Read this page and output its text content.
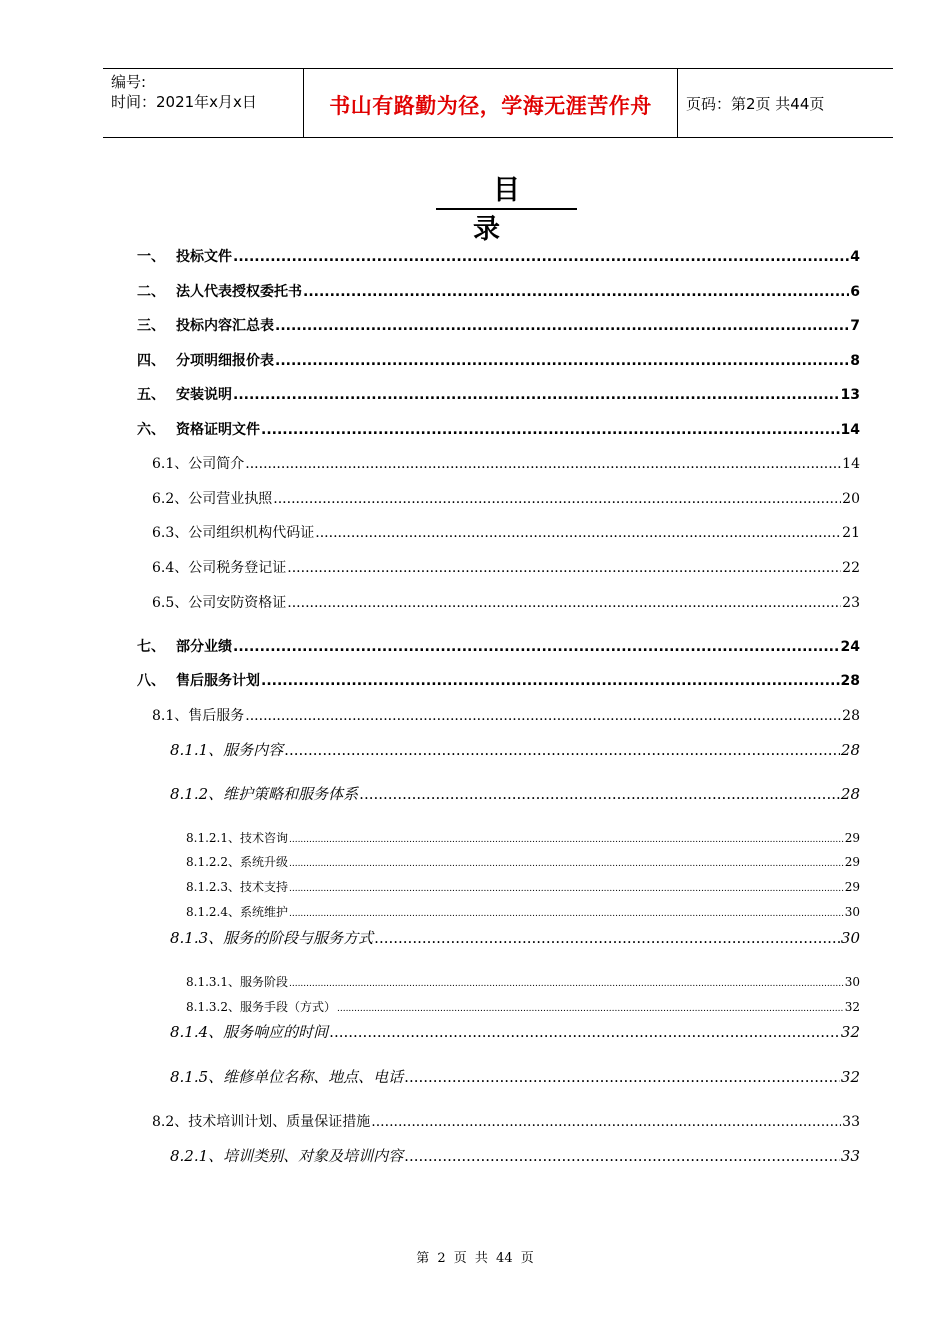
编号:
时间：2021年x月x日	书山有路勤为径，学海无涯苦作舟	页码：第2页 共44页
目录
一、 投标文件 .....	4
二、 法人代表授权委托书 .....	6
三、 投标内容汇总表 .....	7
四、 分项明细报价表 .....	8
五、 安装说明 .....	13
六、 资格证明文件 .....	14
6.1、公司简介 .....	14
6.2、公司营业执照 .....	20
6.3、公司组织机构代码证 .....	21
6.4、公司税务登记证 .....	22
6.5、公司安防资格证 .....	23
七、 部分业绩 .....	24
八、 售后服务计划 .....	28
8.1、售后服务 .....	28
8.1.1、服务内容 .....	28
8.1.2、维护策略和服务体系 .....	28
8.1.2.1、技术咨询 .....	29
8.1.2.2、系统升级 .....	29
8.1.2.3、技术支持 .....	29
8.1.2.4、系统维护 .....	30
8.1.3、服务的阶段与服务方式 .....	30
8.1.3.1、服务阶段 .....	30
8.1.3.2、服务手段（方式） .....	32
8.1.4、服务响应的时间 .....	32
8.1.5、维修单位名称、地点、电话 .....	32
8.2、技术培训计划、质量保证措施 .....	33
8.2.1、培训类别、对象及培训内容 .....	33
第 2 页 共 44 页
